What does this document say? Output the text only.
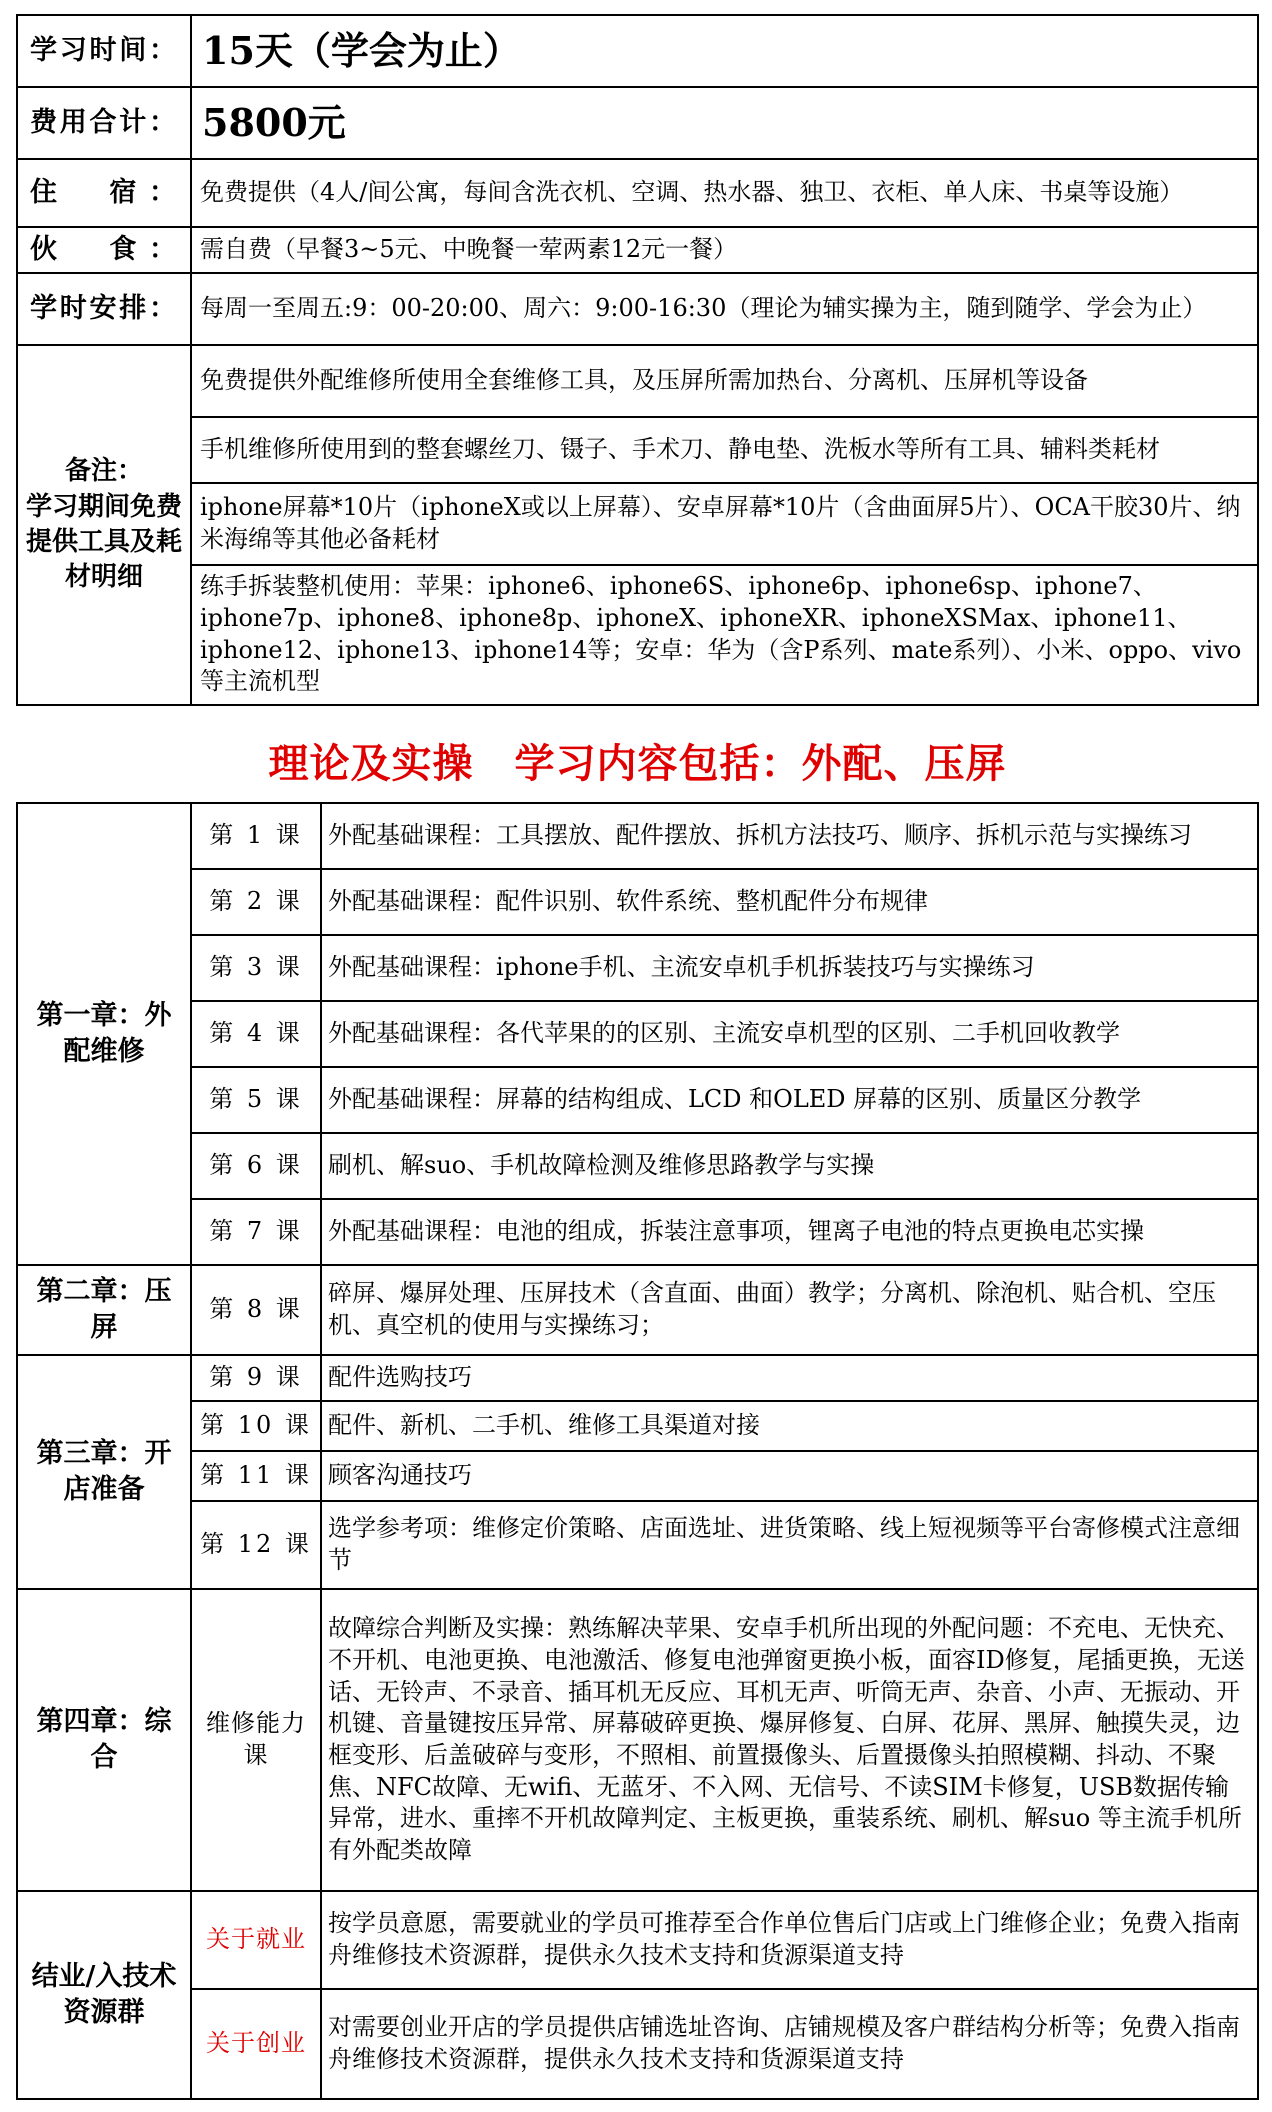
学习时间：	15天（学会为止）
费用合计：	5800元
住　宿：	免费提供（4人/间公寓，每间含洗衣机、空调、热水器、独卫、衣柜、单人床、书桌等设施）
伙　食：	需自费（早餐3~5元、中晚餐一荤两素12元一餐）
学时安排：	每周一至周五:9：00-20:00、周六：9:00-16:30（理论为辅实操为主，随到随学、学会为止）

备注：
学习期间免费提供工具及耗材明细	免费提供外配维修所使用全套维修工具，及压屏所需加热台、分离机、压屏机等设备
	手机维修所使用到的整套螺丝刀、镊子、手术刀、静电垫、洗板水等所有工具、辅料类耗材
	iphone屏幕*10片（iphoneX或以上屏幕）、安卓屏幕*10片（含曲面屏5片）、OCA干胶30片、纳米海绵等其他必备耗材
	练手拆装整机使用：苹果：iphone6、iphone6S、iphone6p、iphone6sp、iphone7、iphone7p、iphone8、iphone8p、iphoneX、iphoneXR、iphoneXSMax、iphone11、iphone12、iphone13、iphone14等；安卓：华为（含P系列、mate系列）、小米、oppo、vivo等主流机型
理论及实操　学习内容包括：外配、压屏
第一章：外配维修	第 1 课	外配基础课程：工具摆放、配件摆放、拆机方法技巧、顺序、拆机示范与实操练习
	第 2 课	外配基础课程：配件识别、软件系统、整机配件分布规律
	第 3 课	外配基础课程：iphone手机、主流安卓机手机拆装技巧与实操练习
	第 4 课	外配基础课程：各代苹果的的区别、主流安卓机型的区别、二手机回收教学
	第 5 课	外配基础课程：屏幕的结构组成、LCD 和OLED 屏幕的区别、质量区分教学
	第 6 课	刷机、解suo、手机故障检测及维修思路教学与实操
	第 7 课	外配基础课程：电池的组成，拆装注意事项，锂离子电池的特点更换电芯实操
第二章：压屏	第 8 课	碎屏、爆屏处理、压屏技术（含直面、曲面）教学；分离机、除泡机、贴合机、空压机、真空机的使用与实操练习；
第三章：开店准备	第 9 课	配件选购技巧
	第 10 课	配件、新机、二手机、维修工具渠道对接
	第 11 课	顾客沟通技巧
	第 12 课	选学参考项：维修定价策略、店面选址、进货策略、线上短视频等平台寄修模式注意细节
第四章：综合	维修能力课	故障综合判断及实操：熟练解决苹果、安卓手机所出现的外配问题：不充电、无快充、不开机、电池更换、电池激活、修复电池弹窗更换小板，面容ID修复，尾插更换，无送话、无铃声、不录音、插耳机无反应、耳机无声、听筒无声、杂音、小声、无振动、开机键、音量键按压异常、屏幕破碎更换、爆屏修复、白屏、花屏、黑屏、触摸失灵，边框变形、后盖破碎与变形，不照相、前置摄像头、后置摄像头拍照模糊、抖动、不聚焦、NFC故障、无wifi、无蓝牙、不入网、无信号、不读SIM卡修复，USB数据传输异常，进水、重摔不开机故障判定、主板更换，重装系统、刷机、解suo 等主流手机所有外配类故障
结业/入技术资源群	关于就业	按学员意愿，需要就业的学员可推荐至合作单位售后门店或上门维修企业；免费入指南舟维修技术资源群，提供永久技术支持和货源渠道支持
	关于创业	对需要创业开店的学员提供店铺选址咨询、店铺规模及客户群结构分析等；免费入指南舟维修技术资源群，提供永久技术支持和货源渠道支持
